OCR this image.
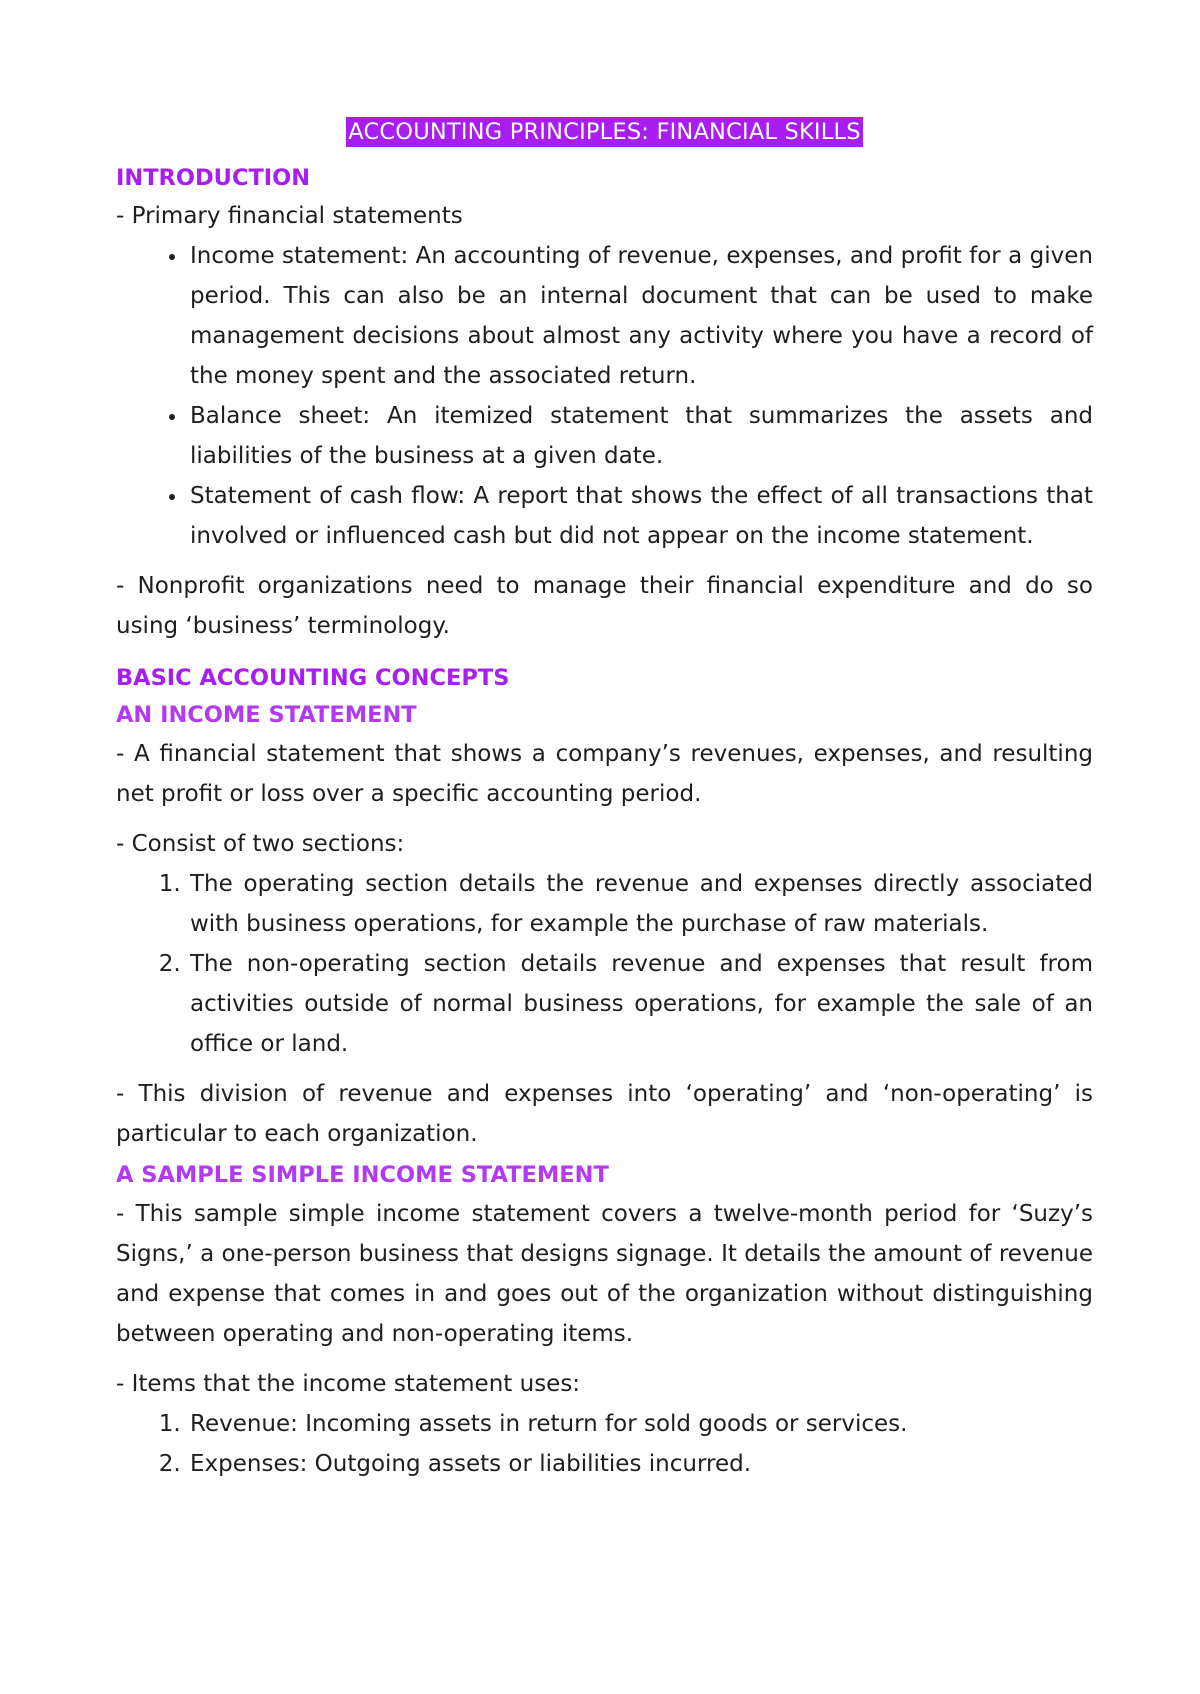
ACCOUNTING PRINCIPLES: FINANCIAL SKILLS
INTRODUCTION

- Primary financial statements

• Income statement: An accounting of revenue, expenses, and profit for a given period. This can also be an internal document that can be used to make management decisions about almost any activity where you have a record of the money spent and the associated return.
• Balance sheet: An itemized statement that summarizes the assets and liabilities of the business at a given date.
• Statement of cash flow: A report that shows the effect of all transactions that involved or influenced cash but did not appear on the income statement.

- Nonprofit organizations need to manage their financial expenditure and do so using ‘business’ terminology.

BASIC ACCOUNTING CONCEPTS
AN INCOME STATEMENT

- A financial statement that shows a company’s revenues, expenses, and resulting net profit or loss over a specific accounting period.

- Consist of two sections:

1. The operating section details the revenue and expenses directly associated with business operations, for example the purchase of raw materials.
2. The non-operating section details revenue and expenses that result from activities outside of normal business operations, for example the sale of an office or land.

- This division of revenue and expenses into ‘operating’ and ‘non-operating’ is particular to each organization.

A SAMPLE SIMPLE INCOME STATEMENT

- This sample simple income statement covers a twelve-month period for ‘Suzy’s Signs,’ a one-person business that designs signage. It details the amount of revenue and expense that comes in and goes out of the organization without distinguishing between operating and non-operating items.

- Items that the income statement uses:

1. Revenue: Incoming assets in return for sold goods or services.
2. Expenses: Outgoing assets or liabilities incurred.
